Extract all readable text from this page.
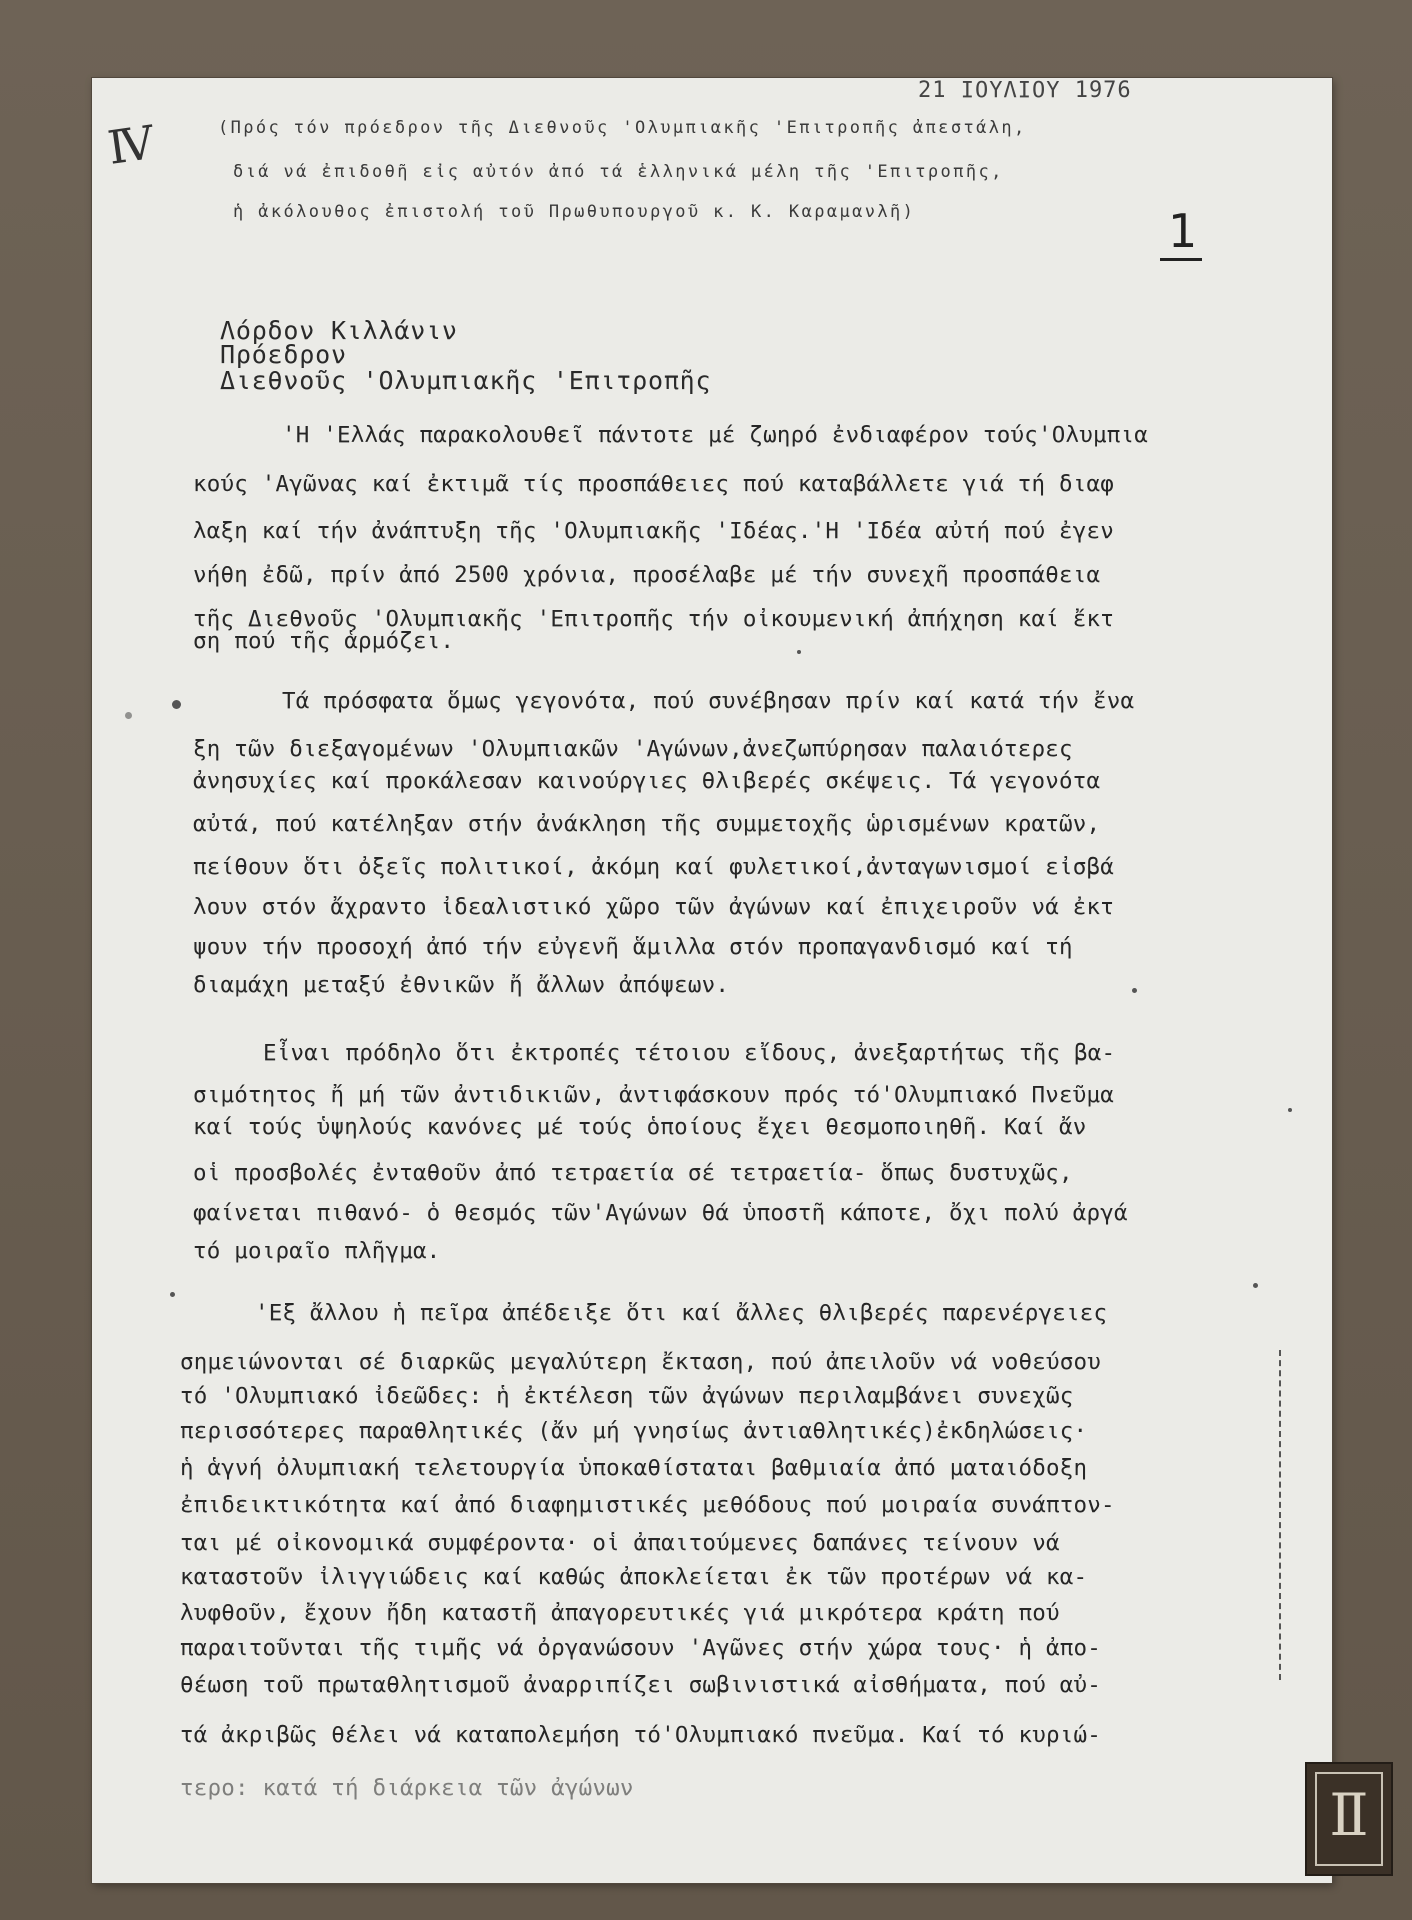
21 ΙΟΥΛΙΟΥ 1976
Ⅳ	(Πρός τόν πρόεδρον τῆς Διεθνοῦς 'Ολυμπιακῆς 'Επιτροπῆς ἀπεστάλη,
διά νά ἐπιδοθῆ εἰς αὐτόν ἀπό τά ἑλληνικά μέλη τῆς 'Επιτροπῆς,
ἡ ἀκόλουθος ἐπιστολή τοῦ Πρωθυπουργοῦ κ. Κ. Καραμανλῆ)	1
Λόρδον Κιλλάνιν
Πρόεδρον
Διεθνοῦς 'Ολυμπιακῆς 'Επιτροπῆς
'Η 'Ελλάς παρακολουθεῖ πάντοτε μέ ζωηρό ἐνδιαφέρον τούς'Ολυμπια
κούς 'Αγῶνας καί ἐκτιμᾶ τίς προσπάθειες πού καταβάλλετε γιά τή διαφ
λαξη καί τήν ἀνάπτυξη τῆς 'Ολυμπιακῆς 'Ιδέας.'Η 'Ιδέα αὐτή πού ἐγεν
νήθη ἐδῶ, πρίν ἀπό 2500 χρόνια, προσέλαβε μέ τήν συνεχῆ προσπάθεια
τῆς Διεθνοῦς 'Ολυμπιακῆς 'Επιτροπῆς τήν οἰκουμενική ἀπήχηση καί ἔκτ
ση πού τῆς ἁρμόζει.
Τά πρόσφατα ὅμως γεγονότα, πού συνέβησαν πρίν καί κατά τήν ἔνα
ξη τῶν διεξαγομένων 'Ολυμπιακῶν 'Αγώνων,ἀνεζωπύρησαν παλαιότερες
ἀνησυχίες καί προκάλεσαν καινούργιες θλιβερές σκέψεις. Τά γεγονότα
αὐτά, πού κατέληξαν στήν ἀνάκληση τῆς συμμετοχῆς ὡρισμένων κρατῶν,
πείθουν ὅτι ὀξεῖς πολιτικοί, ἀκόμη καί φυλετικοί,ἀνταγωνισμοί εἰσβά
λουν στόν ἄχραντο ἰδεαλιστικό χῶρο τῶν ἀγώνων καί ἐπιχειροῦν νά ἐκτ
ψουν τήν προσοχή ἀπό τήν εὐγενῆ ἅμιλλα στόν προπαγανδισμό καί τή
διαμάχη μεταξύ ἐθνικῶν ἤ ἄλλων ἀπόψεων.
Εἶναι πρόδηλο ὅτι ἐκτροπές τέτοιου εἴδους, ἀνεξαρτήτως τῆς βα-
σιμότητος ἤ μή τῶν ἀντιδικιῶν, ἀντιφάσκουν πρός τό'Ολυμπιακό Πνεῦμα
καί τούς ὑψηλούς κανόνες μέ τούς ὁποίους ἔχει θεσμοποιηθῆ. Καί ἄν
οἱ προσβολές ἐνταθοῦν ἀπό τετραετία σέ τετραετία- ὅπως δυστυχῶς,
φαίνεται πιθανό- ὁ θεσμός τῶν'Αγώνων θά ὑποστῆ κάποτε, ὄχι πολύ ἀργά
τό μοιραῖο πλῆγμα.
'Εξ ἄλλου ἡ πεῖρα ἀπέδειξε ὅτι καί ἄλλες θλιβερές παρενέργειες
σημειώνονται σέ διαρκῶς μεγαλύτερη ἔκταση, πού ἀπειλοῦν νά νοθεύσου
τό 'Ολυμπιακό ἰδεῶδες: ἡ ἐκτέλεση τῶν ἀγώνων περιλαμβάνει συνεχῶς
περισσότερες παραθλητικές (ἄν μή γνησίως ἀντιαθλητικές)ἐκδηλώσεις·
ἡ ἁγνή ὀλυμπιακή τελετουργία ὑποκαθίσταται βαθμιαία ἀπό ματαιόδοξη
ἐπιδεικτικότητα καί ἀπό διαφημιστικές μεθόδους πού μοιραία συνάπτον-
ται μέ οἰκονομικά συμφέροντα· οἱ ἀπαιτούμενες δαπάνες τείνουν νά
καταστοῦν ἰλιγγιώδεις καί καθώς ἀποκλείεται ἐκ τῶν προτέρων νά κα-
λυφθοῦν, ἔχουν ἤδη καταστῆ ἀπαγορευτικές γιά μικρότερα κράτη πού
παραιτοῦνται τῆς τιμῆς νά ὀργανώσουν 'Αγῶνες στήν χώρα τους· ἡ ἀπο-
θέωση τοῦ πρωταθλητισμοῦ ἀναρριπίζει σωβινιστικά αἰσθήματα, πού αὐ-
τά ἀκριβῶς θέλει νά καταπολεμήση τό'Ολυμπιακό πνεῦμα. Καί τό κυριώ-
τερο: κατά τή διάρκεια τῶν ἀγώνων	Ⅱ
